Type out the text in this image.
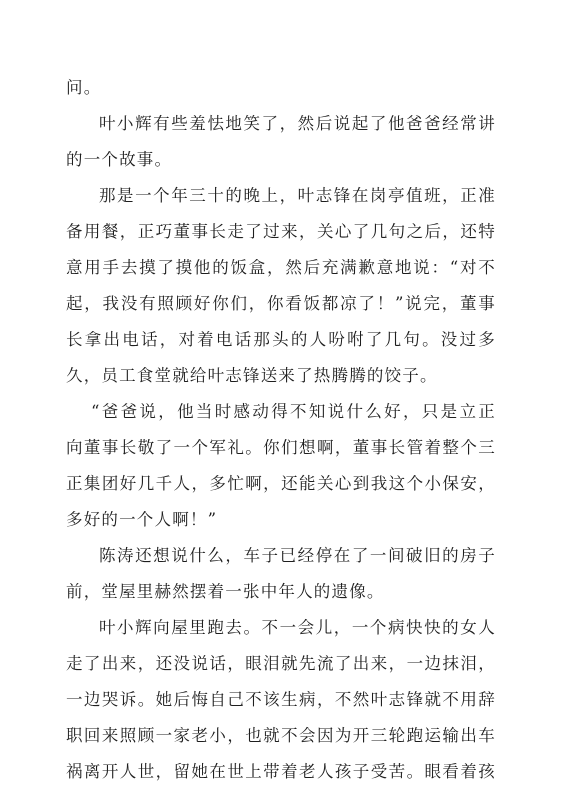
问。
叶小辉有些羞怯地笑了，然后说起了他爸爸经常讲
的一个故事。
那是一个年三十的晚上，叶志锋在岗亭值班，正准
备用餐，正巧董事长走了过来，关心了几句之后，还特
意用手去摸了摸他的饭盒，然后充满歉意地说：“对不
起，我没有照顾好你们，你看饭都凉了！”说完，董事
长拿出电话，对着电话那头的人吩咐了几句。没过多
久，员工食堂就给叶志锋送来了热腾腾的饺子。
“爸爸说，他当时感动得不知说什么好，只是立正
向董事长敬了一个军礼。你们想啊，董事长管着整个三
正集团好几千人，多忙啊，还能关心到我这个小保安，
多好的一个人啊！”
陈涛还想说什么，车子已经停在了一间破旧的房子
前，堂屋里赫然摆着一张中年人的遗像。
叶小辉向屋里跑去。不一会儿，一个病快快的女人
走了出来，还没说话，眼泪就先流了出来，一边抹泪，
一边哭诉。她后悔自己不该生病，不然叶志锋就不用辞
职回来照顾一家老小，也就不会因为开三轮跑运输出车
祸离开人世，留她在世上带着老人孩子受苦。眼看着孩
